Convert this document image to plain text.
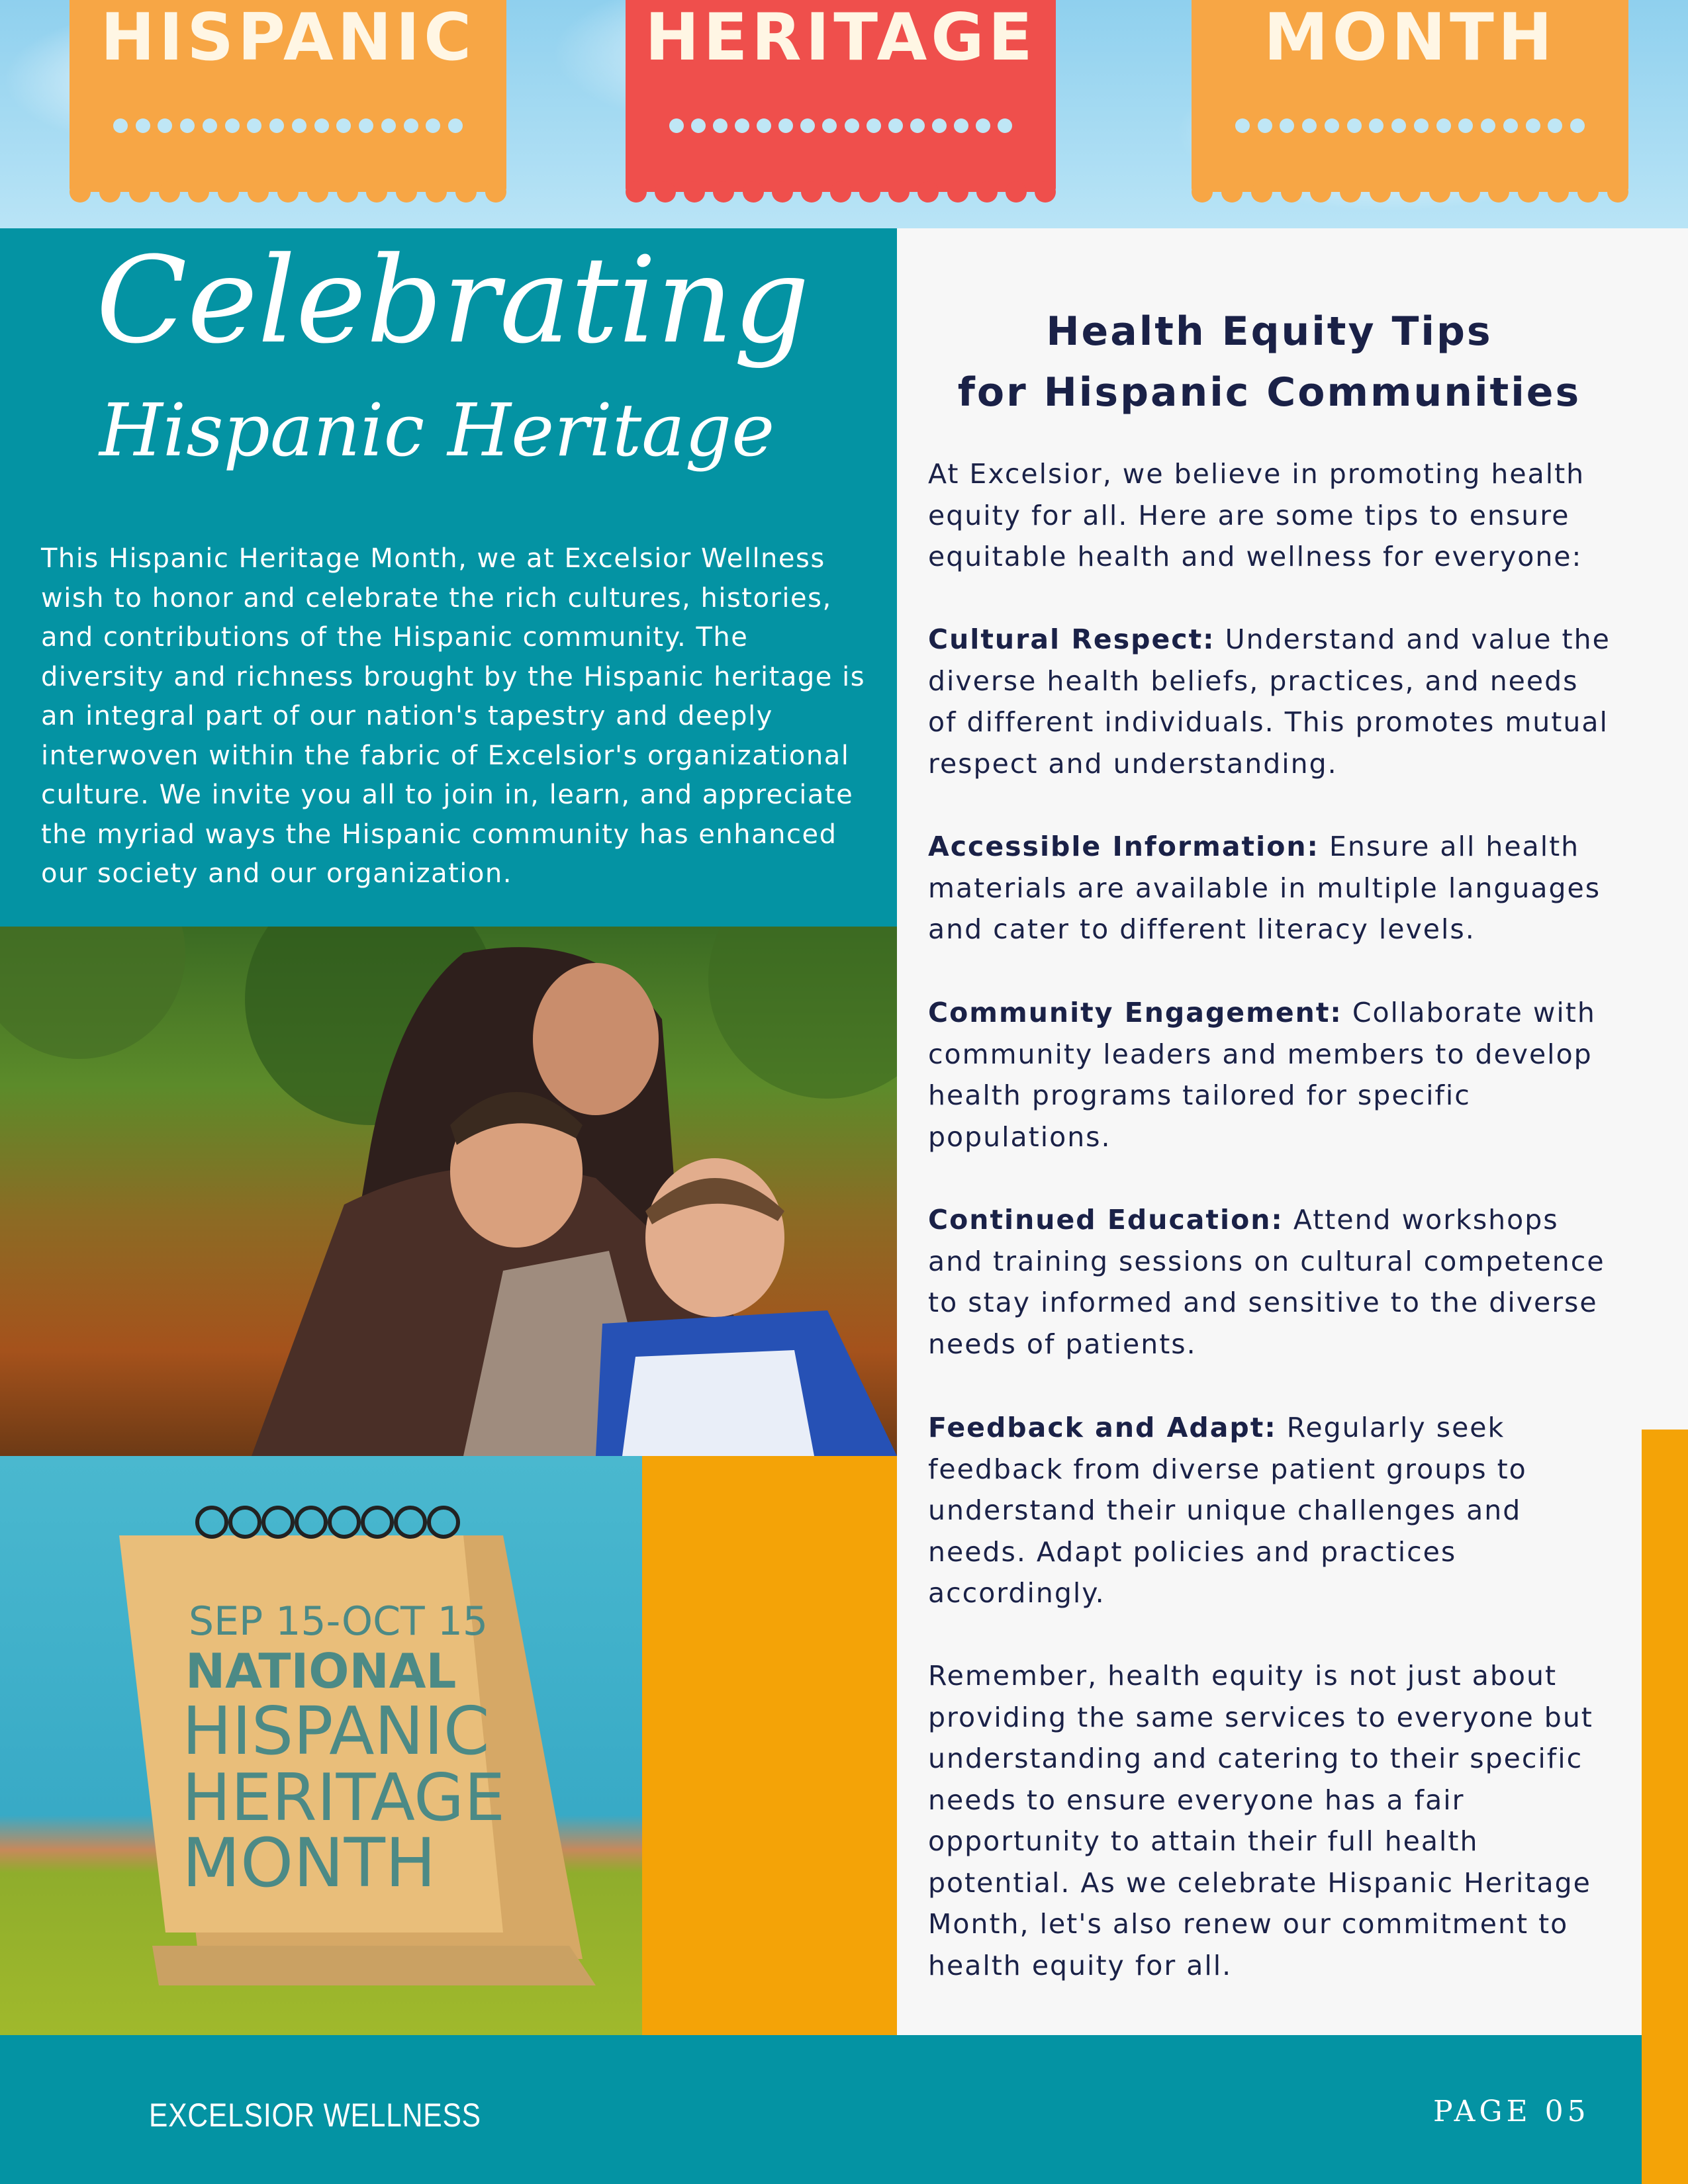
HISPANIC	HERITAGE	MONTH
Celebrating
Hispanic Heritage

This Hispanic Heritage Month, we at Excelsior Wellness wish to honor and celebrate the rich cultures, histories, and contributions of the Hispanic community. The diversity and richness brought by the Hispanic heritage is an integral part of our nation's tapestry and deeply interwoven within the fabric of Excelsior's organizational culture. We invite you all to join in, learn, and appreciate the myriad ways the Hispanic community has enhanced our society and our organization.

SEP 15-OCT 15
NATIONAL
HISPANIC
HERITAGE
MONTH
Health Equity Tips
for Hispanic Communities

At Excelsior, we believe in promoting health equity for all. Here are some tips to ensure equitable health and wellness for everyone:

Cultural Respect: Understand and value the diverse health beliefs, practices, and needs of different individuals. This promotes mutual respect and understanding.

Accessible Information: Ensure all health materials are available in multiple languages and cater to different literacy levels.

Community Engagement: Collaborate with community leaders and members to develop health programs tailored for specific populations.

Continued Education: Attend workshops and training sessions on cultural competence to stay informed and sensitive to the diverse needs of patients.

Feedback and Adapt: Regularly seek feedback from diverse patient groups to understand their unique challenges and needs. Adapt policies and practices accordingly.

Remember, health equity is not just about providing the same services to everyone but understanding and catering to their specific needs to ensure everyone has a fair opportunity to attain their full health potential. As we celebrate Hispanic Heritage Month, let's also renew our commitment to health equity for all.

EXCELSIOR WELLNESS	PAGE 05
